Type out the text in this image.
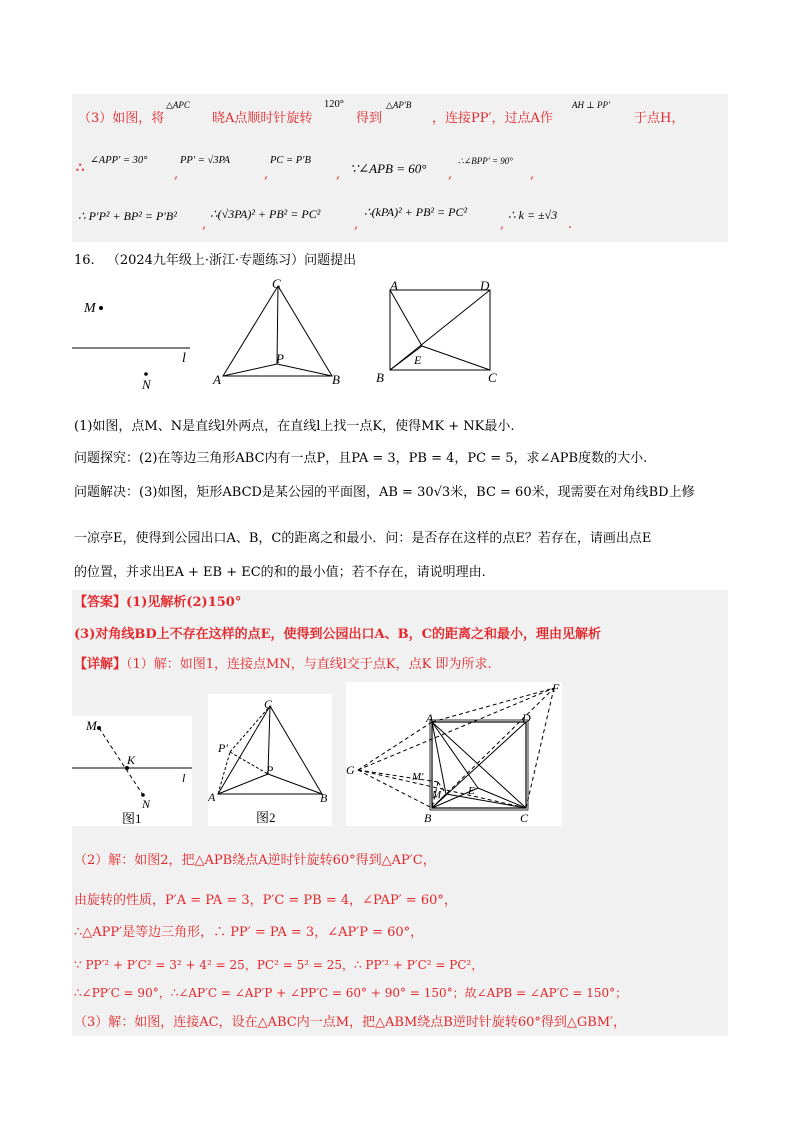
（3）如图，将
△APC
晓A点顺时针旋转
120°
得到
△AP′B
，连接PP′，过点A作
AH ⊥ PP′
于点H，
∴
∠APP′ = 30°	PP′ = √3PA	PC = P′B
∵∠APB = 60°	∴∠BPP′ = 90°
,	,	,	,	,
∴ P′P² + BP² = P′B²	∴(√3PA)² + PB² = PC²	∴(kPA)² + PB² = PC²	∴ k = ±√3
,	,	,	.
16. （2024九年级上·浙江·专题练习）问题提出
M
l
N
C
P
A	B
A	D
E
B	C
(1)如图，点M、N是直线l外两点，在直线l上找一点K，使得MK + NK最小.
问题探究：(2)在等边三角形ABC内有一点P，且PA = 3，PB = 4，PC = 5，求∠APB度数的大小.
问题解决：(3)如图，矩形ABCD是某公园的平面图，AB = 30√3米，BC = 60米，现需要在对角线BD上修
一凉亭E，使得到公园出口A、B，C的距离之和最小．问：是否存在这样的点E？若存在，请画出点E
的位置，并求出EA + EB + EC的和的最小值；若不存在，请说明理由.
【答案】(1)见解析(2)150°
(3)对角线BD上不存在这样的点E，使得到公园出口A、B，C的距离之和最小，理由见解析
【详解】（1）解：如图1，连接点MN，与直线l交于点K，点K 即为所求.
M
K
l
N
图1
C
P′
P
A	B
图2
F
G
A	D
M′
M E
B	C
（2）解：如图2，把△APB绕点A逆时针旋转60°得到△AP′C，
由旋转的性质，P′A = PA = 3，P′C = PB = 4，∠PAP′ = 60°，
∴△APP′是等边三角形，∴ PP′ = PA = 3，∠AP′P = 60°，
∵ PP′² + P′C² = 3² + 4² = 25，PC² = 5² = 25，∴ PP′² + P′C² = PC²，
∴∠PP′C = 90°，∴∠AP′C = ∠AP′P + ∠PP′C = 60° + 90° = 150°；故∠APB = ∠AP′C = 150°；
（3）解：如图，连接AC，设在△ABC内一点M，把△ABM绕点B逆时针旋转60°得到△GBM′，
